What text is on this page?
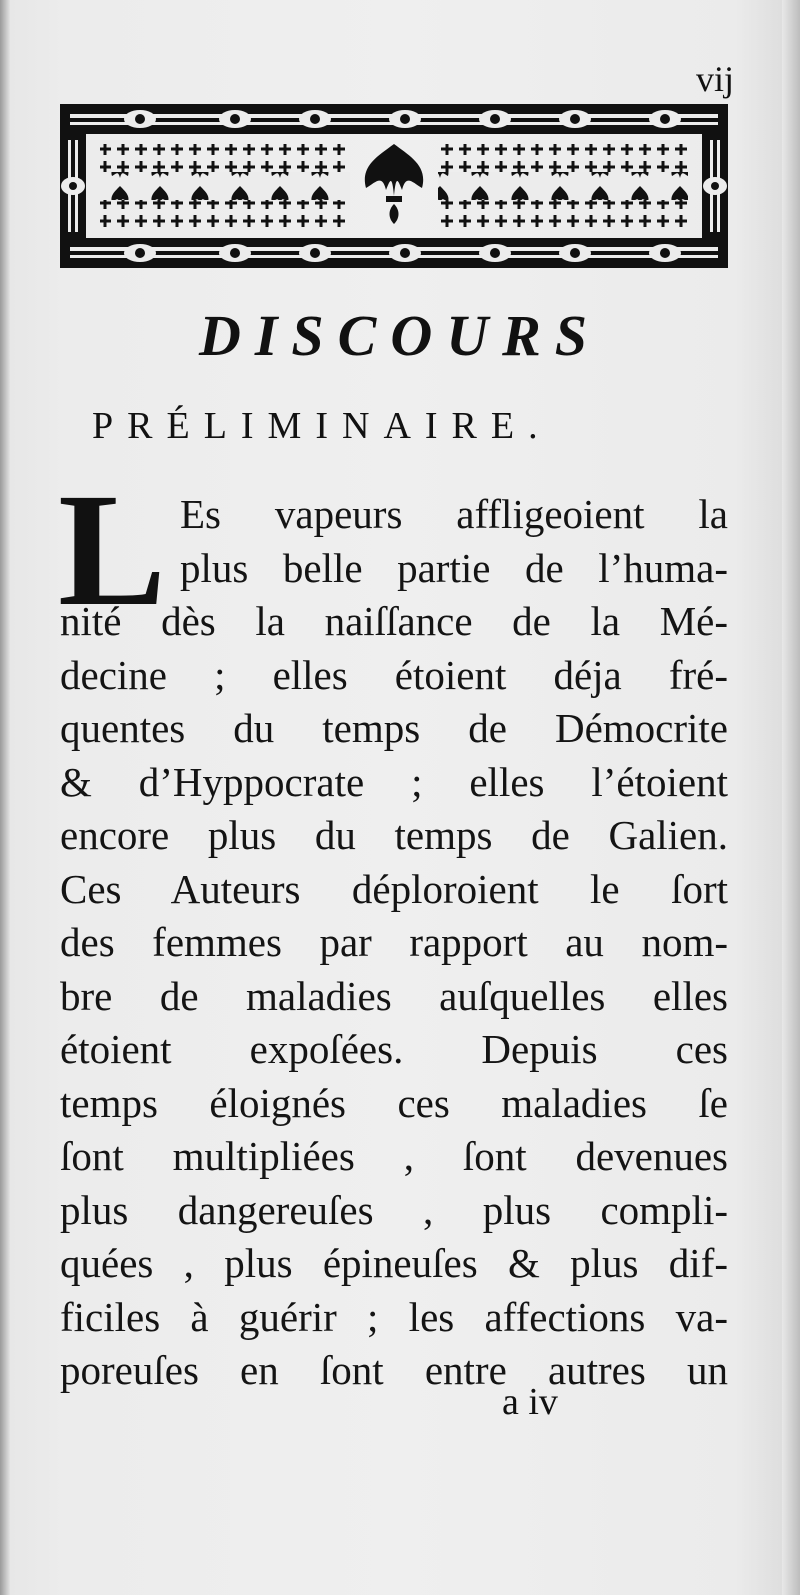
vij
DISCOURS
PRÉLIMINAIRE.
L Es vapeurs affligeoient la
plus belle partie de l’huma-
nité dès la naiſſance de la Mé-
decine ; elles étoient déja fré-
quentes du temps de Démocrite
& d’Hyppocrate ; elles l’étoient
encore plus du temps de Galien.
Ces Auteurs déploroient le ſort
des femmes par rapport au nom-
bre de maladies auſquelles elles
étoient expoſées. Depuis ces
temps éloignés ces maladies ſe
ſont multipliées , ſont devenues
plus dangereuſes , plus compli-
quées , plus épineuſes & plus dif-
ficiles à guérir ; les affections va-
poreuſes en ſont entre autres un
a iv
